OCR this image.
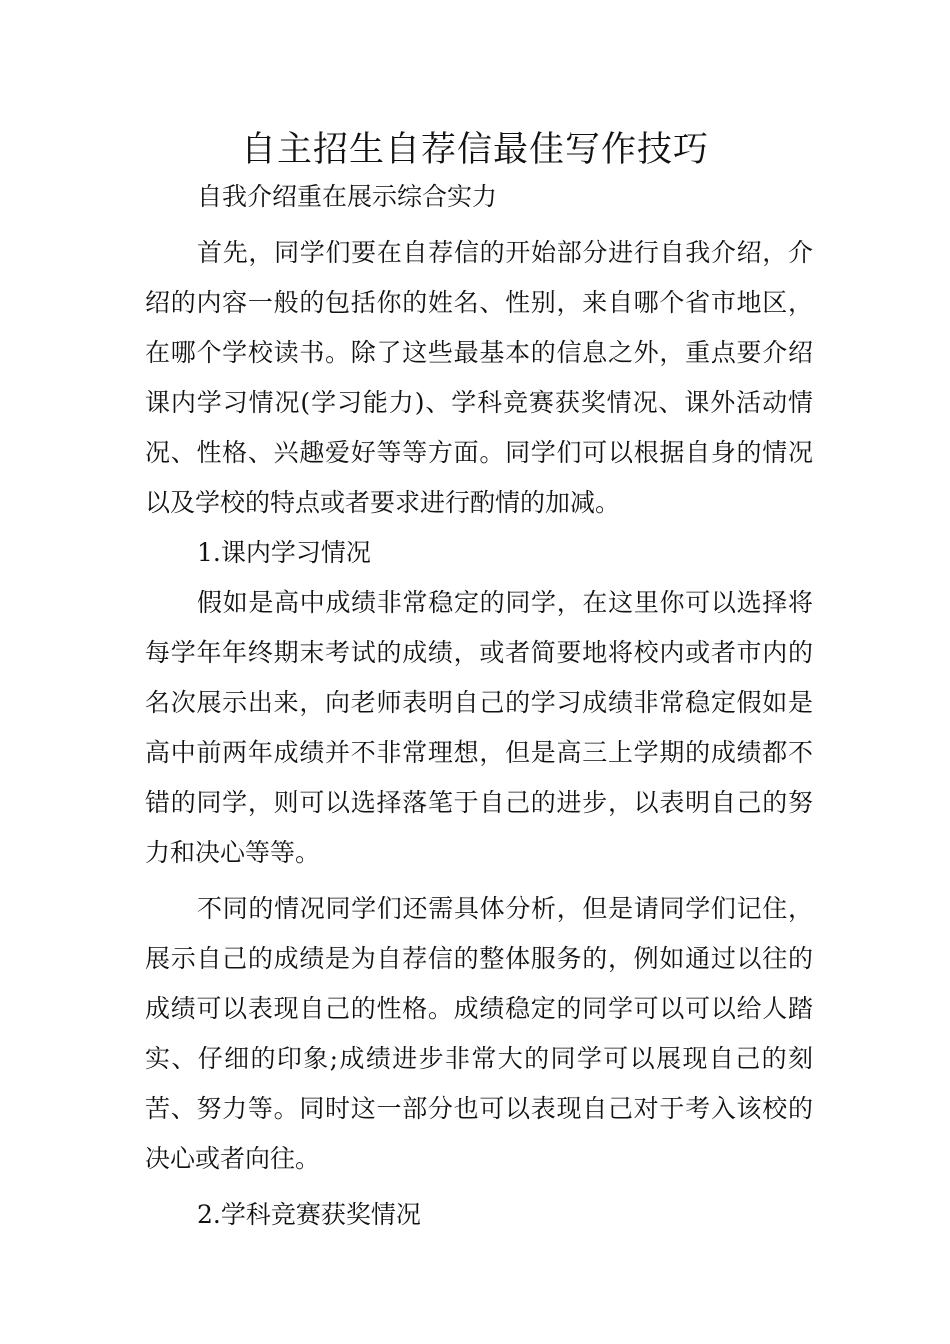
自主招生自荐信最佳写作技巧
自我介绍重在展示综合实力

首先，同学们要在自荐信的开始部分进行自我介绍，介绍的内容一般的包括你的姓名、性别，来自哪个省市地区，在哪个学校读书。除了这些最基本的信息之外，重点要介绍课内学习情况(学习能力)、学科竞赛获奖情况、课外活动情况、性格、兴趣爱好等等方面。同学们可以根据自身的情况以及学校的特点或者要求进行酌情的加减。

1.课内学习情况

假如是高中成绩非常稳定的同学，在这里你可以选择将每学年年终期末考试的成绩，或者简要地将校内或者市内的名次展示出来，向老师表明自己的学习成绩非常稳定假如是高中前两年成绩并不非常理想，但是高三上学期的成绩都不错的同学，则可以选择落笔于自己的进步，以表明自己的努力和决心等等。

不同的情况同学们还需具体分析，但是请同学们记住，展示自己的成绩是为自荐信的整体服务的，例如通过以往的成绩可以表现自己的性格。成绩稳定的同学可以可以给人踏实、仔细的印象;成绩进步非常大的同学可以展现自己的刻苦、努力等。同时这一部分也可以表现自己对于考入该校的决心或者向往。

2.学科竞赛获奖情况
